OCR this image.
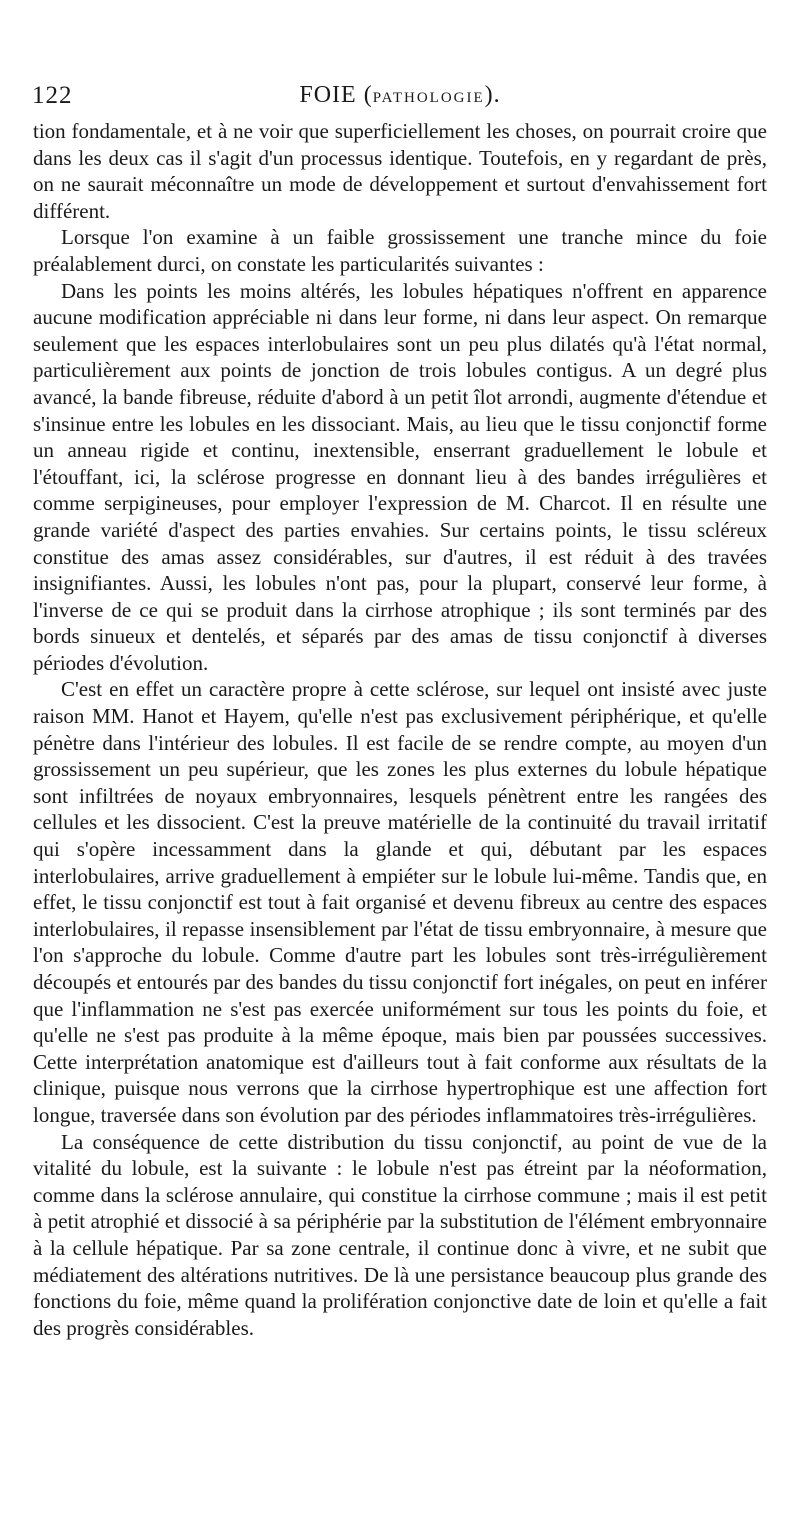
122	FOIE (PATHOLOGIE).

tion fondamentale, et à ne voir que superficiellement les choses, on pourrait croire que dans les deux cas il s'agit d'un processus identique. Toutefois, en y regardant de près, on ne saurait méconnaître un mode de développement et surtout d'envahissement fort différent.

Lorsque l'on examine à un faible grossissement une tranche mince du foie préalablement durci, on constate les particularités suivantes :

Dans les points les moins altérés, les lobules hépatiques n'offrent en apparence aucune modification appréciable ni dans leur forme, ni dans leur aspect. On remarque seulement que les espaces interlobulaires sont un peu plus dilatés qu'à l'état normal, particulièrement aux points de jonction de trois lobules contigus. A un degré plus avancé, la bande fibreuse, réduite d'abord à un petit îlot arrondi, augmente d'étendue et s'insinue entre les lobules en les dissociant. Mais, au lieu que le tissu conjonctif forme un anneau rigide et continu, inextensible, enserrant graduellement le lobule et l'étouffant, ici, la sclérose progresse en donnant lieu à des bandes irrégulières et comme serpigineuses, pour employer l'expression de M. Charcot. Il en résulte une grande variété d'aspect des parties envahies. Sur certains points, le tissu scléreux constitue des amas assez considérables, sur d'autres, il est réduit à des travées insignifiantes. Aussi, les lobules n'ont pas, pour la plupart, conservé leur forme, à l'inverse de ce qui se produit dans la cirrhose atrophique ; ils sont terminés par des bords sinueux et dentelés, et séparés par des amas de tissu conjonctif à diverses périodes d'évolution.

C'est en effet un caractère propre à cette sclérose, sur lequel ont insisté avec juste raison MM. Hanot et Hayem, qu'elle n'est pas exclusivement périphérique, et qu'elle pénètre dans l'intérieur des lobules. Il est facile de se rendre compte, au moyen d'un grossissement un peu supérieur, que les zones les plus externes du lobule hépatique sont infiltrées de noyaux embryonnaires, lesquels pénètrent entre les rangées des cellules et les dissocient. C'est la preuve matérielle de la continuité du travail irritatif qui s'opère incessamment dans la glande et qui, débutant par les espaces interlobulaires, arrive graduellement à empiéter sur le lobule lui-même. Tandis que, en effet, le tissu conjonctif est tout à fait organisé et devenu fibreux au centre des espaces interlobulaires, il repasse insensiblement par l'état de tissu embryonnaire, à mesure que l'on s'approche du lobule. Comme d'autre part les lobules sont très-irrégulièrement découpés et entourés par des bandes du tissu conjonctif fort inégales, on peut en inférer que l'inflammation ne s'est pas exercée uniformément sur tous les points du foie, et qu'elle ne s'est pas produite à la même époque, mais bien par poussées successives. Cette interprétation anatomique est d'ailleurs tout à fait conforme aux résultats de la clinique, puisque nous verrons que la cirrhose hypertrophique est une affection fort longue, traversée dans son évolution par des périodes inflammatoires très-irrégulières.

La conséquence de cette distribution du tissu conjonctif, au point de vue de la vitalité du lobule, est la suivante : le lobule n'est pas étreint par la néoformation, comme dans la sclérose annulaire, qui constitue la cirrhose commune ; mais il est petit à petit atrophié et dissocié à sa périphérie par la substitution de l'élément embryonnaire à la cellule hépatique. Par sa zone centrale, il continue donc à vivre, et ne subit que médiatement des altérations nutritives. De là une persistance beaucoup plus grande des fonctions du foie, même quand la prolifération conjonctive date de loin et qu'elle a fait des progrès considérables.
